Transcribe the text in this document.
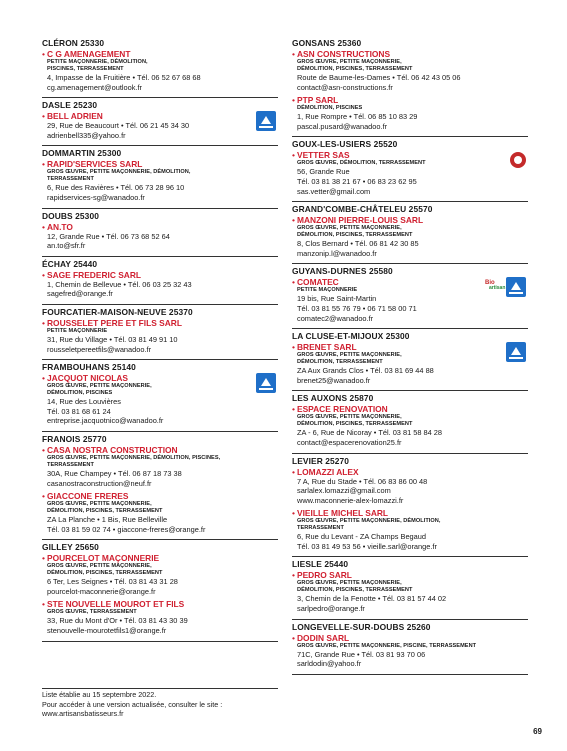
CLÉRON 25330
• C G AMENAGEMENT
PETITE MAÇONNERIE, DÉMOLITION,
PISCINES, TERRASSEMENT
4, Impasse de la Fruitière • Tél. 06 52 67 68 68
cg.amenagement@outlook.fr
DASLE 25230
• BELL ADRIEN
29, Rue de Beaucourt • Tél. 06 21 45 34 30
adrienbell335@yahoo.fr
DOMMARTIN 25300
• RAPID'SERVICES SARL
GROS ŒUVRE, PETITE MAÇONNERIE, DÉMOLITION,
TERRASSEMENT
6, Rue des Ravières • Tél. 06 73 28 96 10
rapidservices-sg@wanadoo.fr
DOUBS 25300
• AN.TO
12, Grande Rue • Tél. 06 73 68 52 64
an.to@sfr.fr
ÉCHAY 25440
• SAGE FREDERIC SARL
1, Chemin de Bellevue • Tél. 06 03 25 32 43
sagefred@orange.fr
FOURCATIER-MAISON-NEUVE 25370
• ROUSSELET PERE ET FILS SARL
PETITE MAÇONNERIE
31, Rue du Village • Tél. 03 81 49 91 10
rousseletpereetfils@wanadoo.fr
FRAMBOUHANS 25140
• JACQUOT NICOLAS
GROS ŒUVRE, PETITE MAÇONNERIE,
DÉMOLITION, PISCINES
14, Rue des Louvières
Tél. 03 81 68 61 24
entreprise.jacquotnico@wanadoo.fr
FRANOIS 25770
• CASA NOSTRA CONSTRUCTION
GROS ŒUVRE, PETITE MAÇONNERIE, DÉMOLITION, PISCINES,
TERRASSEMENT
30A, Rue Champey • Tél. 06 87 18 73 38
casanostraconstruction@neuf.fr
• GIACCONE FRERES
GROS ŒUVRE, PETITE MAÇONNERIE,
DÉMOLITION, PISCINES, TERRASSEMENT
ZA La Planche • 1 Bis, Rue Belleville
Tél. 03 81 59 02 74 • giaccone-freres@orange.fr
GILLEY 25650
• POURCELOT MAÇONNERIE
GROS ŒUVRE, PETITE MAÇONNERIE,
DÉMOLITION, PISCINES, TERRASSEMENT
6 Ter, Les Seignes • Tél. 03 81 43 31 28
pourcelot-maconnerie@orange.fr
• STE NOUVELLE MOUROT ET FILS
GROS ŒUVRE, TERRASSEMENT
33, Rue du Mont d'Or • Tél. 03 81 43 30 39
stenouvelle-mourotetfils1@orange.fr
GONSANS 25360
• ASN CONSTRUCTIONS
GROS ŒUVRE, PETITE MAÇONNERIE,
DÉMOLITION, PISCINES, TERRASSEMENT
Route de Baume-les-Dames • Tél. 06 42 43 05 06
contact@asn-constructions.fr
• PTP SARL
DÉMOLITION, PISCINES
1, Rue Rompre • Tél. 06 85 10 83 29
pascal.pusard@wanadoo.fr
GOUX-LES-USIERS 25520
• VETTER SAS
GROS ŒUVRE, DÉMOLITION, TERRASSEMENT
56, Grande Rue
Tél. 03 81 38 21 67 • 06 83 23 62 95
sas.vetter@gmail.com
GRAND'COMBE-CHÂTELEU 25570
• MANZONI PIERRE-LOUIS SARL
GROS ŒUVRE, PETITE MAÇONNERIE,
DÉMOLITION, PISCINES, TERRASSEMENT
8, Clos Bernard • Tél. 06 81 42 30 85
manzonip.l@wanadoo.fr
GUYANS-DURNES 25580
• COMATEC
PETITE MAÇONNERIE
19 bis, Rue Saint-Martin
Tél. 03 81 55 76 79 • 06 71 58 00 71
comatec2@wanadoo.fr
Bio
artisan
LA CLUSE-ET-MIJOUX 25300
• BRENET SARL
GROS ŒUVRE, PETITE MAÇONNERIE,
DÉMOLITION, TERRASSEMENT
ZA Aux Grands Clos • Tél. 03 81 69 44 88
brenet25@wanadoo.fr
LES AUXONS 25870
• ESPACE RENOVATION
GROS ŒUVRE, PETITE MAÇONNERIE,
DÉMOLITION, PISCINES, TERRASSEMENT
ZA - 6, Rue de Nicoray • Tél. 03 81 58 84 28
contact@espacerenovation25.fr
LEVIER 25270
• LOMAZZI ALEX
7 A, Rue du Stade • Tél. 06 83 86 00 48
sarlalex.lomazzi@gmail.com
www.maconnerie-alex-lomazzi.fr
• VIEILLE MICHEL SARL
GROS ŒUVRE, PETITE MAÇONNERIE, DÉMOLITION,
TERRASSEMENT
6, Rue du Levant - ZA Champs Begaud
Tél. 03 81 49 53 56 • vieille.sarl@orange.fr
LIESLE 25440
• PEDRO SARL
GROS ŒUVRE, PETITE MAÇONNERIE,
DÉMOLITION, PISCINES, TERRASSEMENT
3, Chemin de la Fenotte • Tél. 03 81 57 44 02
sarlpedro@orange.fr
LONGEVELLE-SUR-DOUBS 25260
• DODIN SARL
GROS ŒUVRE, PETITE MAÇONNERIE, PISCINE, TERRASSEMENT
71C, Grande Rue • Tél. 03 81 93 70 06
sarldodin@yahoo.fr
Liste établie au 15 septembre 2022.
Pour accéder à une version actualisée, consulter le site :
www.artisansbatisseurs.fr
69
